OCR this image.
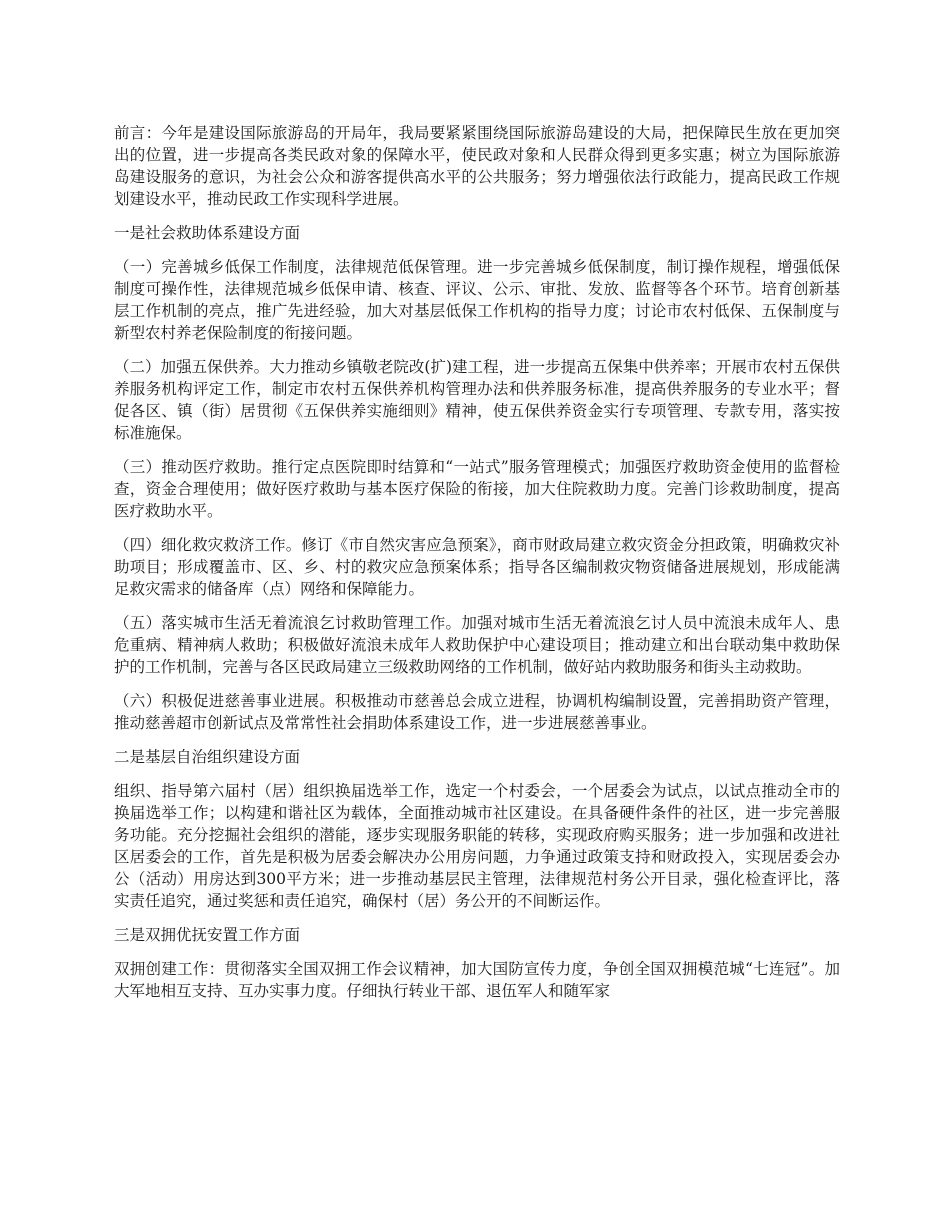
前言：今年是建设国际旅游岛的开局年，我局要紧紧围绕国际旅游岛建设的大局，把保障民生放在更加突出的位置，进一步提高各类民政对象的保障水平，使民政对象和人民群众得到更多实惠；树立为国际旅游岛建设服务的意识，为社会公众和游客提供高水平的公共服务；努力增强依法行政能力，提高民政工作规划建设水平，推动民政工作实现科学进展。

一是社会救助体系建设方面

（一）完善城乡低保工作制度，法律规范低保管理。进一步完善城乡低保制度，制订操作规程，增强低保制度可操作性，法律规范城乡低保申请、核查、评议、公示、审批、发放、监督等各个环节。培育创新基层工作机制的亮点，推广先进经验，加大对基层低保工作机构的指导力度；讨论市农村低保、五保制度与新型农村养老保险制度的衔接问题。

（二）加强五保供养。大力推动乡镇敬老院改(扩)建工程，进一步提高五保集中供养率；开展市农村五保供养服务机构评定工作，制定市农村五保供养机构管理办法和供养服务标准，提高供养服务的专业水平；督促各区、镇（街）居贯彻《五保供养实施细则》精神，使五保供养资金实行专项管理、专款专用，落实按标准施保。

（三）推动医疗救助。推行定点医院即时结算和“一站式”服务管理模式；加强医疗救助资金使用的监督检查，资金合理使用；做好医疗救助与基本医疗保险的衔接，加大住院救助力度。完善门诊救助制度，提高医疗救助水平。

（四）细化救灾救济工作。修订《市自然灾害应急预案》，商市财政局建立救灾资金分担政策，明确救灾补助项目；形成覆盖市、区、乡、村的救灾应急预案体系；指导各区编制救灾物资储备进展规划，形成能满足救灾需求的储备库（点）网络和保障能力。

（五）落实城市生活无着流浪乞讨救助管理工作。加强对城市生活无着流浪乞讨人员中流浪未成年人、患危重病、精神病人救助；积极做好流浪未成年人救助保护中心建设项目；推动建立和出台联动集中救助保护的工作机制，完善与各区民政局建立三级救助网络的工作机制，做好站内救助服务和街头主动救助。

（六）积极促进慈善事业进展。积极推动市慈善总会成立进程，协调机构编制设置，完善捐助资产管理，推动慈善超市创新试点及常常性社会捐助体系建设工作，进一步进展慈善事业。

二是基层自治组织建设方面

组织、指导第六届村（居）组织换届选举工作，选定一个村委会，一个居委会为试点，以试点推动全市的换届选举工作；以构建和谐社区为载体，全面推动城市社区建设。在具备硬件条件的社区，进一步完善服务功能。充分挖掘社会组织的潜能，逐步实现服务职能的转移，实现政府购买服务；进一步加强和改进社区居委会的工作，首先是积极为居委会解决办公用房问题，力争通过政策支持和财政投入，实现居委会办公（活动）用房达到300平方米；进一步推动基层民主管理，法律规范村务公开目录，强化检查评比，落实责任追究，通过奖惩和责任追究，确保村（居）务公开的不间断运作。

三是双拥优抚安置工作方面

双拥创建工作：贯彻落实全国双拥工作会议精神，加大国防宣传力度，争创全国双拥模范城“七连冠”。加大军地相互支持、互办实事力度。仔细执行转业干部、退伍军人和随军家
